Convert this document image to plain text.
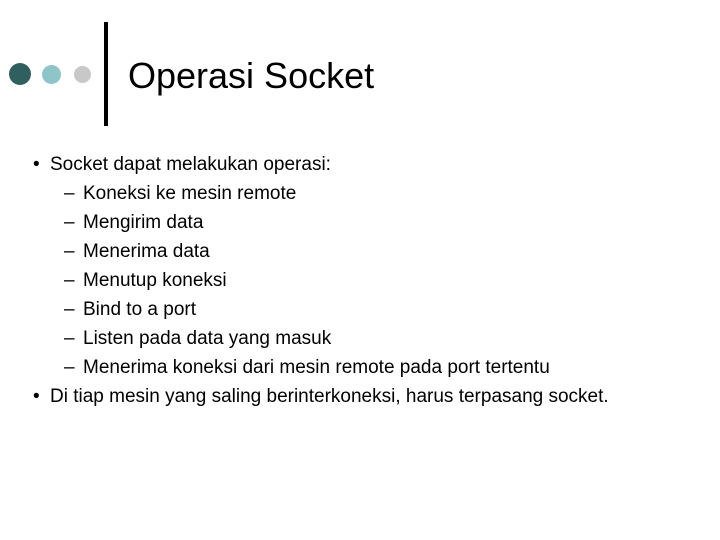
Operasi Socket
• Socket dapat melakukan operasi:
– Koneksi ke mesin remote
– Mengirim data
– Menerima data
– Menutup koneksi
– Bind to a port
– Listen pada data yang masuk
– Menerima koneksi dari mesin remote pada port tertentu
• Di tiap mesin yang saling berinterkoneksi, harus terpasang socket.
